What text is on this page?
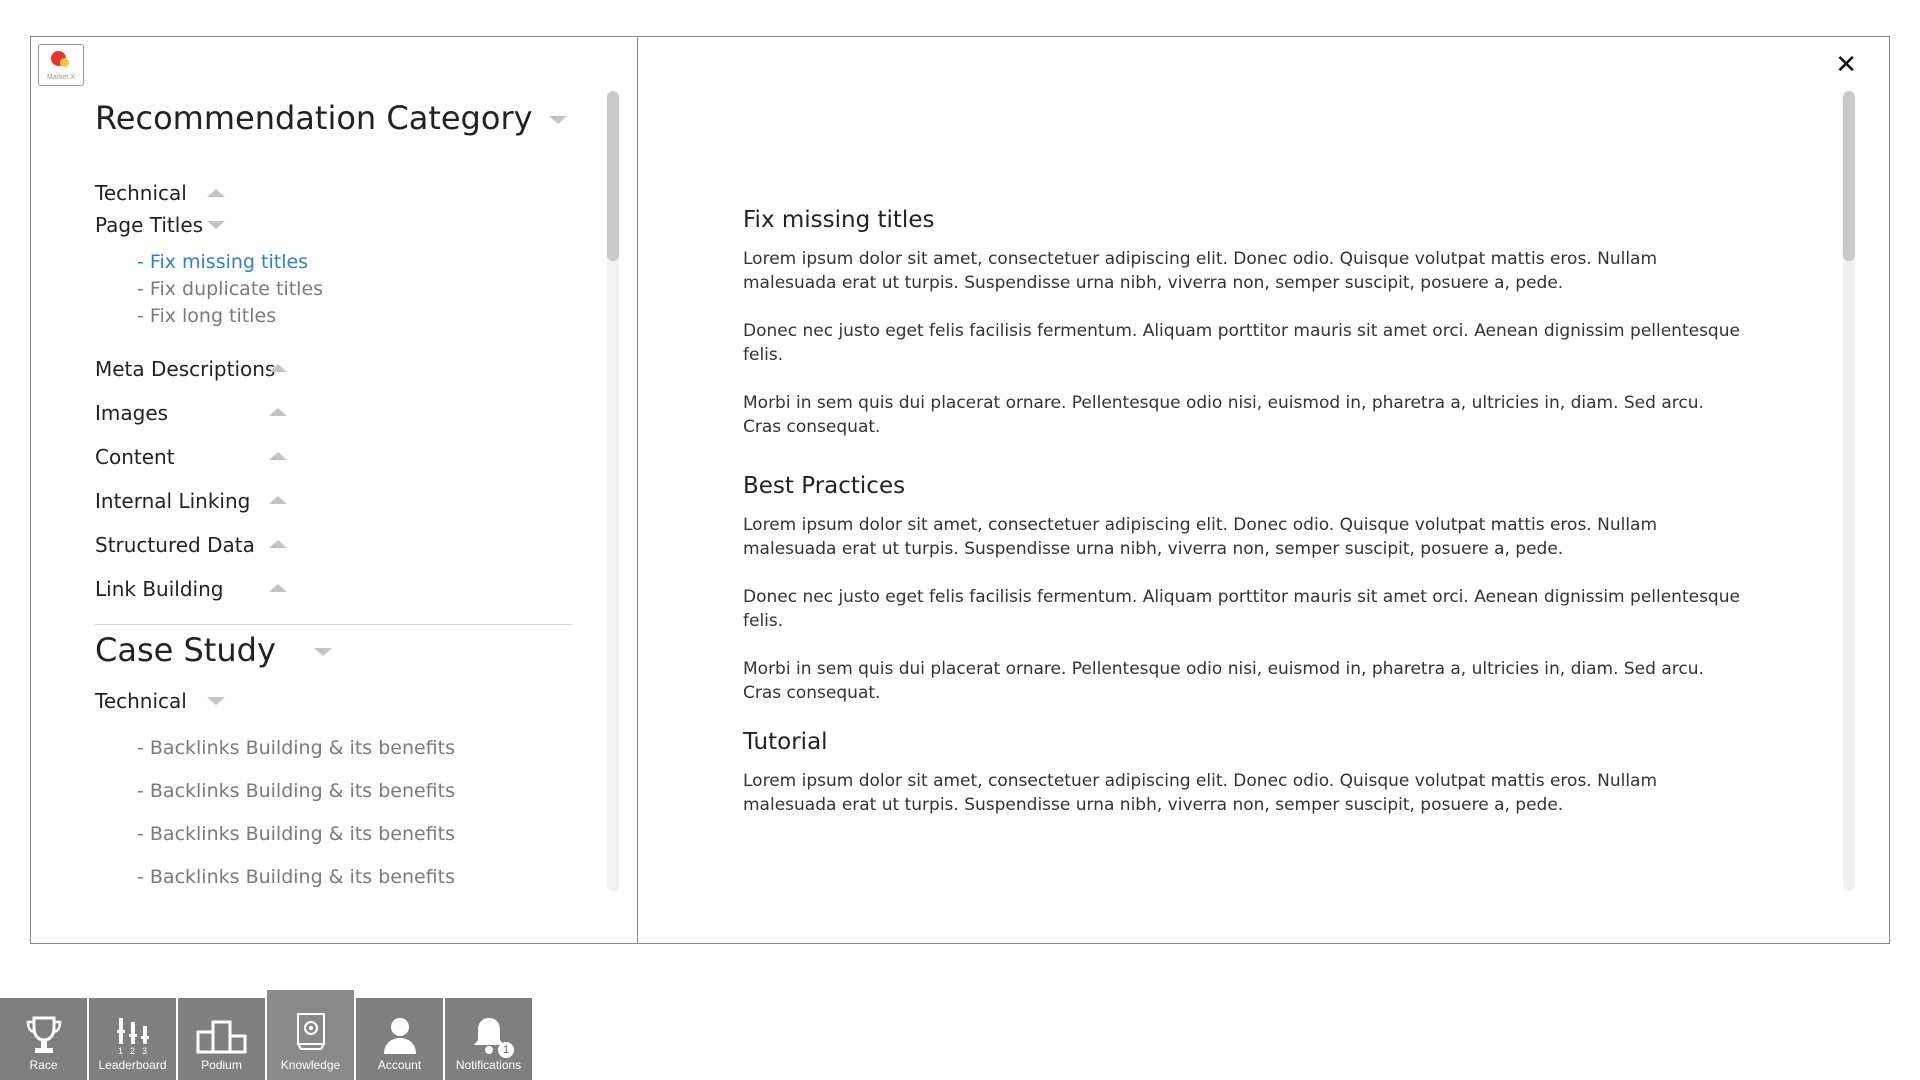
Market X
Recommendation Category
Technical
Page Titles
- Fix missing titles
- Fix duplicate titles
- Fix long titles
Meta Descriptions
Images
Content
Internal Linking
Structured Data
Link Building
Case Study
Technical
- Backlinks Building & its benefits
- Backlinks Building & its benefits
- Backlinks Building & its benefits
- Backlinks Building & its benefits
✕
Fix missing titles

Lorem ipsum dolor sit amet, consectetuer adipiscing elit. Donec odio. Quisque volutpat mattis eros. Nullam malesuada erat ut turpis. Suspendisse urna nibh, viverra non, semper suscipit, posuere a, pede.

Donec nec justo eget felis facilisis fermentum. Aliquam porttitor mauris sit amet orci. Aenean dignissim pellentesque felis.

Morbi in sem quis dui placerat ornare. Pellentesque odio nisi, euismod in, pharetra a, ultricies in, diam. Sed arcu. Cras consequat.

Best Practices

Lorem ipsum dolor sit amet, consectetuer adipiscing elit. Donec odio. Quisque volutpat mattis eros. Nullam malesuada erat ut turpis. Suspendisse urna nibh, viverra non, semper suscipit, posuere a, pede.

Donec nec justo eget felis facilisis fermentum. Aliquam porttitor mauris sit amet orci. Aenean dignissim pellentesque felis.

Morbi in sem quis dui placerat ornare. Pellentesque odio nisi, euismod in, pharetra a, ultricies in, diam. Sed arcu. Cras consequat.

Tutorial

Lorem ipsum dolor sit amet, consectetuer adipiscing elit. Donec odio. Quisque volutpat mattis eros. Nullam malesuada erat ut turpis. Suspendisse urna nibh, viverra non, semper suscipit, posuere a, pede.

Race
1 2 3
Leaderboard	Podium	Knowledge	Account
1
Notifications
